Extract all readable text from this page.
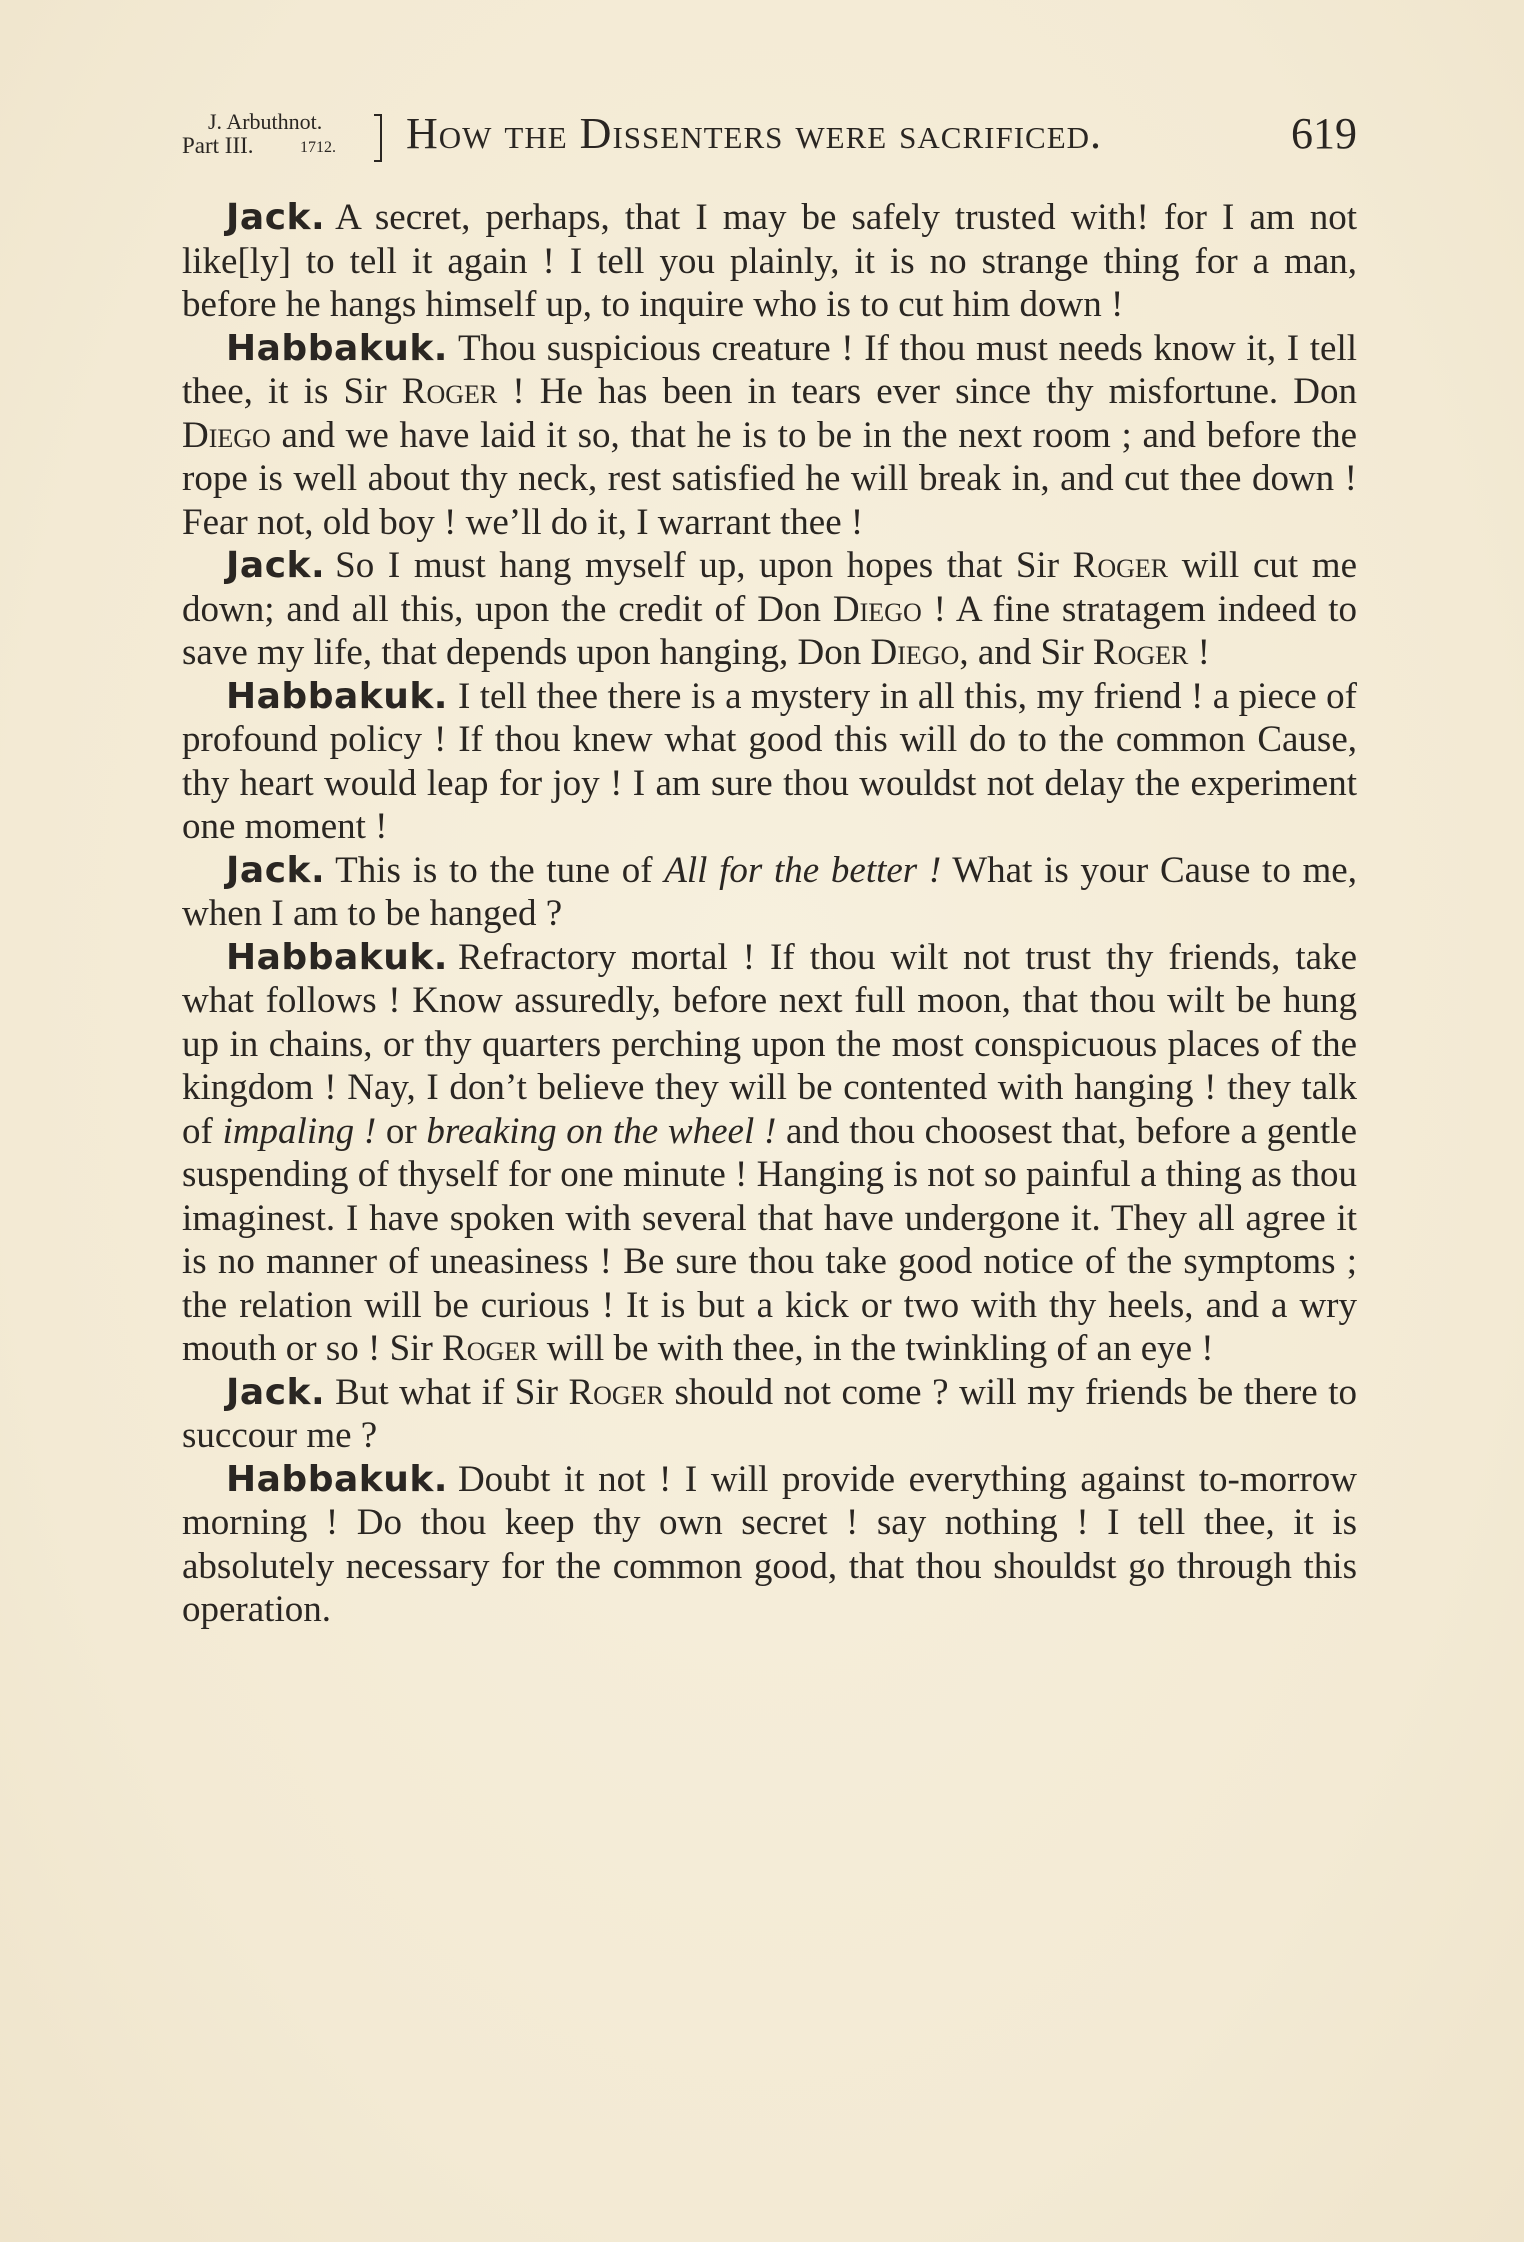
J. Arbuthnot.
Part III.	1712. How the Dissenters were sacrificed.	619

Jack. A secret, perhaps, that I may be safely trusted with! for I am not like[ly] to tell it again ! I tell you plainly, it is no strange thing for a man, before he hangs himself up, to inquire who is to cut him down !

Habbakuk. Thou suspicious creature ! If thou must needs know it, I tell thee, it is Sir Roger ! He has been in tears ever since thy misfortune. Don Diego and we have laid it so, that he is to be in the next room ; and before the rope is well about thy neck, rest satisfied he will break in, and cut thee down ! Fear not, old boy ! we’ll do it, I warrant thee !

Jack. So I must hang myself up, upon hopes that Sir Roger will cut me down; and all this, upon the credit of Don Diego ! A fine stratagem indeed to save my life, that depends upon hanging, Don Diego, and Sir Roger !

Habbakuk. I tell thee there is a mystery in all this, my friend ! a piece of profound policy ! If thou knew what good this will do to the common Cause, thy heart would leap for joy ! I am sure thou wouldst not delay the experiment one moment !

Jack. This is to the tune of All for the better ! What is your Cause to me, when I am to be hanged ?

Habbakuk. Refractory mortal ! If thou wilt not trust thy friends, take what follows ! Know assuredly, before next full moon, that thou wilt be hung up in chains, or thy quarters perching upon the most conspicuous places of the kingdom ! Nay, I don’t believe they will be contented with hanging ! they talk of impaling ! or breaking on the wheel ! and thou choosest that, before a gentle suspending of thyself for one minute ! Hanging is not so painful a thing as thou imaginest. I have spoken with several that have undergone it. They all agree it is no manner of uneasiness ! Be sure thou take good notice of the symptoms ; the relation will be curious ! It is but a kick or two with thy heels, and a wry mouth or so ! Sir Roger will be with thee, in the twinkling of an eye !

Jack. But what if Sir Roger should not come ? will my friends be there to succour me ?

Habbakuk. Doubt it not ! I will provide everything against to-morrow morning ! Do thou keep thy own secret ! say nothing ! I tell thee, it is absolutely necessary for the common good, that thou shouldst go through this operation.
